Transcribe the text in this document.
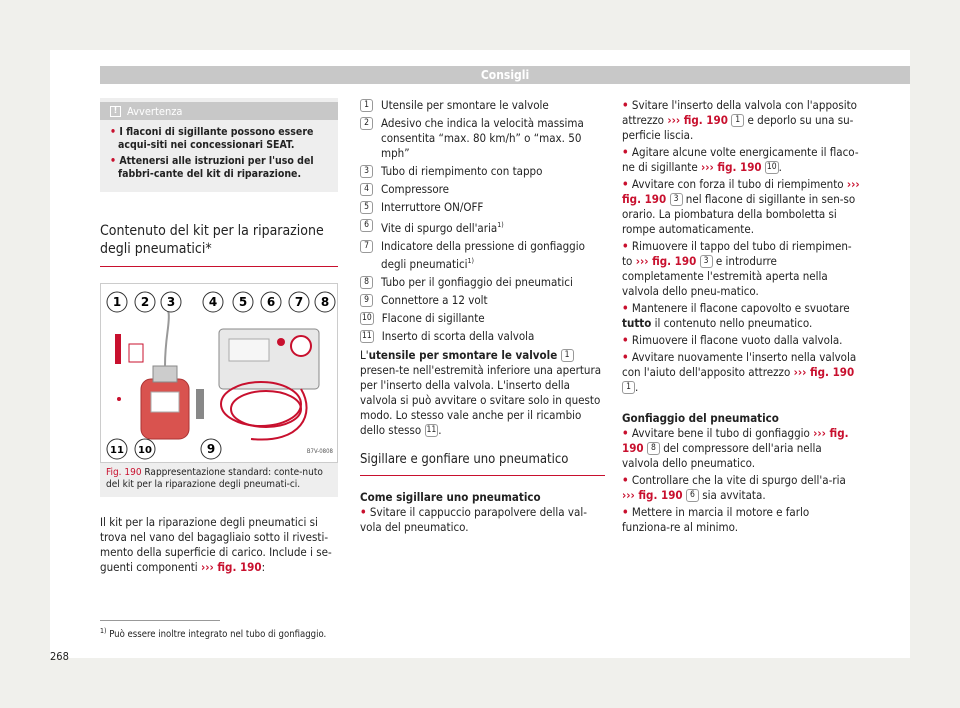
Consigli
! Avvertenza
• I flaconi di sigillante possono essere acqui-siti nei concessionari SEAT.
• Attenersi alle istruzioni per l'uso del fabbri-cante del kit di riparazione.
Contenuto del kit per la riparazione degli pneumatici*
1 2 3	4 5 6 7 8
9
10
11	B7V-0808
Fig. 190 Rappresentazione standard: conte-nuto del kit per la riparazione degli pneumati-ci.
Il kit per la riparazione degli pneumatici si trova nel vano del bagagliaio sotto il rivesti-mento della superficie di carico. Include i se-guenti componenti ››› fig. 190:
1	Utensile per smontare le valvole
2	Adesivo che indica la velocità massima consentita “max. 80 km/h” o “max. 50 mph”
3	Tubo di riempimento con tappo
4	Compressore
5	Interruttore ON/OFF
6	Vite di spurgo dell'aria$^{1)}$
7	Indicatore della pressione di gonfiaggio degli pneumatici$^{1)}$
8	Tubo per il gonfiaggio dei pneumatici
9	Connettore a 12 volt
10 Flacone di sigillante
11 Inserto di scorta della valvola
L'utensile per smontare le valvole 1 presen-te nell'estremità inferiore una apertura per l'inserto della valvola. L'inserto della valvola si può avvitare o svitare solo in questo modo. Lo stesso vale anche per il ricambio dello stesso 11 .
Sigillare e gonfiare uno pneumatico
Come sigillare uno pneumatico
• Svitare il cappuccio parapolvere della val-vola del pneumatico.
• Svitare l'inserto della valvola con l'apposito attrezzo ››› fig. 190 1 e deporlo su una su-perficie liscia.
• Agitare alcune volte energicamente il flaco-ne di sigillante ››› fig. 190 10 .
• Avvitare con forza il tubo di riempimento ››› fig. 190 3 nel flacone di sigillante in sen-so orario. La piombatura della bomboletta si rompe automaticamente.
• Rimuovere il tappo del tubo di riempimen-to ››› fig. 190 3 e introdurre completamente l'estremità aperta nella valvola dello pneu-matico.
• Mantenere il flacone capovolto e svuotare tutto il contenuto nello pneumatico.
• Rimuovere il flacone vuoto dalla valvola.
• Avvitare nuovamente l'inserto nella valvola con l'aiuto dell'apposito attrezzo ››› fig. 190 1 .
Gonfiaggio del pneumatico
• Avvitare bene il tubo di gonfiaggio ››› fig. 190 8 del compressore dell'aria nella valvola dello pneumatico.
• Controllare che la vite di spurgo dell'a-ria ››› fig. 190 6 sia avvitata.
• Mettere in marcia il motore e farlo funziona-re al minimo.
$^{1)}$ Può essere inoltre integrato nel tubo di gonfiaggio.
268
